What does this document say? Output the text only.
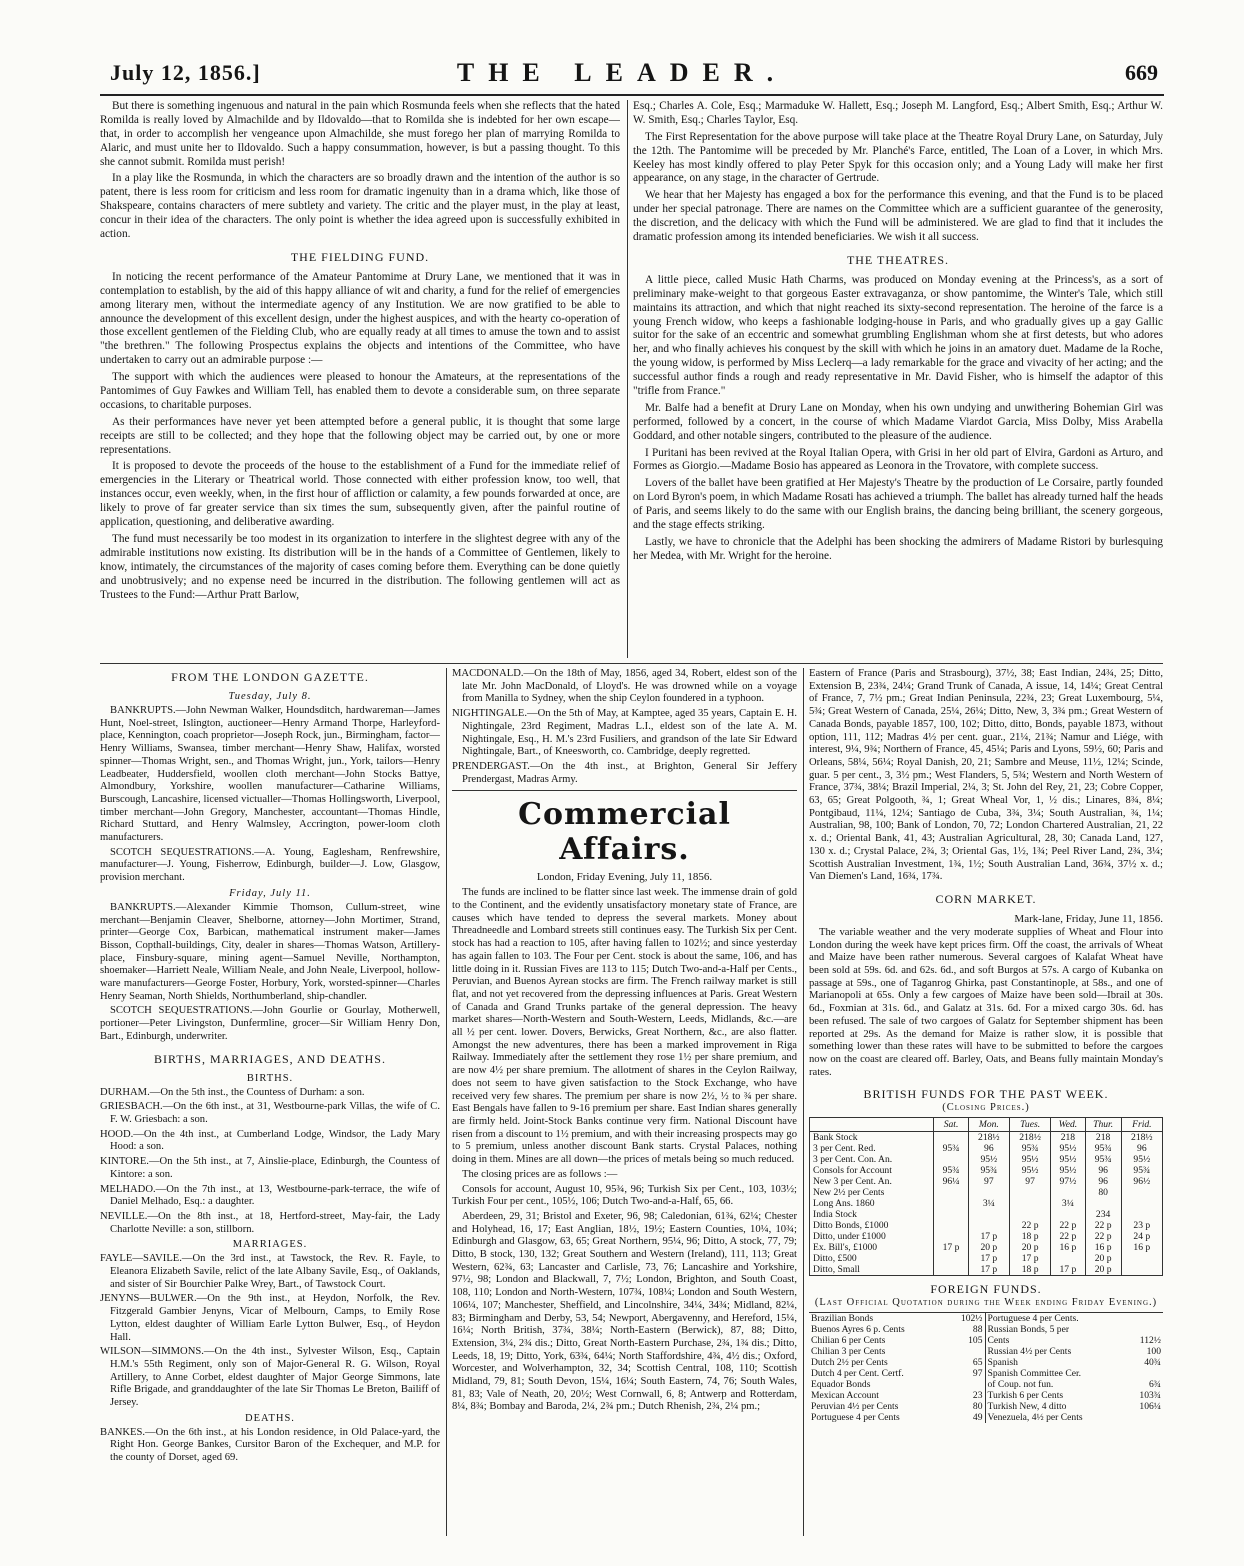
July 12, 1856.]	THE LEADER.	669

But there is something ingenuous and natural in the pain which Rosmunda feels when she reflects that the hated Romilda is really loved by Almachilde and by Ildovaldo—that to Romilda she is indebted for her own escape—that, in order to accomplish her vengeance upon Almachilde, she must forego her plan of marrying Romilda to Alaric, and must unite her to Ildovaldo. Such a happy consummation, however, is but a passing thought. To this she cannot submit. Romilda must perish!

In a play like the Rosmunda, in which the characters are so broadly drawn and the intention of the author is so patent, there is less room for criticism and less room for dramatic ingenuity than in a drama which, like those of Shakspeare, contains characters of mere subtlety and variety. The critic and the player must, in the play at least, concur in their idea of the characters. The only point is whether the idea agreed upon is successfully exhibited in action.

THE FIELDING FUND.

In noticing the recent performance of the Amateur Pantomime at Drury Lane, we mentioned that it was in contemplation to establish, by the aid of this happy alliance of wit and charity, a fund for the relief of emergencies among literary men, without the intermediate agency of any Institution. We are now gratified to be able to announce the development of this excellent design, under the highest auspices, and with the hearty co-operation of those excellent gentlemen of the Fielding Club, who are equally ready at all times to amuse the town and to assist "the brethren." The following Prospectus explains the objects and intentions of the Committee, who have undertaken to carry out an admirable purpose :—

The support with which the audiences were pleased to honour the Amateurs, at the representations of the Pantomimes of Guy Fawkes and William Tell, has enabled them to devote a considerable sum, on three separate occasions, to charitable purposes.

As their performances have never yet been attempted before a general public, it is thought that some large receipts are still to be collected; and they hope that the following object may be carried out, by one or more representations.

It is proposed to devote the proceeds of the house to the establishment of a Fund for the immediate relief of emergencies in the Literary or Theatrical world. Those connected with either profession know, too well, that instances occur, even weekly, when, in the first hour of affliction or calamity, a few pounds forwarded at once, are likely to prove of far greater service than six times the sum, subsequently given, after the painful routine of application, questioning, and deliberative awarding.

The fund must necessarily be too modest in its organization to interfere in the slightest degree with any of the admirable institutions now existing. Its distribution will be in the hands of a Committee of Gentlemen, likely to know, intimately, the circumstances of the majority of cases coming before them. Everything can be done quietly and unobtrusively; and no expense need be incurred in the distribution. The following gentlemen will act as Trustees to the Fund:—Arthur Pratt Barlow,

Esq.; Charles A. Cole, Esq.; Marmaduke W. Hallett, Esq.; Joseph M. Langford, Esq.; Albert Smith, Esq.; Arthur W. W. Smith, Esq.; Charles Taylor, Esq.

The First Representation for the above purpose will take place at the Theatre Royal Drury Lane, on Saturday, July the 12th. The Pantomime will be preceded by Mr. Planché's Farce, entitled, The Loan of a Lover, in which Mrs. Keeley has most kindly offered to play Peter Spyk for this occasion only; and a Young Lady will make her first appearance, on any stage, in the character of Gertrude.

We hear that her Majesty has engaged a box for the performance this evening, and that the Fund is to be placed under her special patronage. There are names on the Committee which are a sufficient guarantee of the generosity, the discretion, and the delicacy with which the Fund will be administered. We are glad to find that it includes the dramatic profession among its intended beneficiaries. We wish it all success.

THE THEATRES.

A little piece, called Music Hath Charms, was produced on Monday evening at the Princess's, as a sort of preliminary make-weight to that gorgeous Easter extravaganza, or show pantomime, the Winter's Tale, which still maintains its attraction, and which that night reached its sixty-second representation. The heroine of the farce is a young French widow, who keeps a fashionable lodging-house in Paris, and who gradually gives up a gay Gallic suitor for the sake of an eccentric and somewhat grumbling Englishman whom she at first detests, but who adores her, and who finally achieves his conquest by the skill with which he joins in an amatory duet. Madame de la Roche, the young widow, is performed by Miss Leclerq—a lady remarkable for the grace and vivacity of her acting; and the successful author finds a rough and ready representative in Mr. David Fisher, who is himself the adaptor of this "trifle from France."

Mr. Balfe had a benefit at Drury Lane on Monday, when his own undying and unwithering Bohemian Girl was performed, followed by a concert, in the course of which Madame Viardot Garcia, Miss Dolby, Miss Arabella Goddard, and other notable singers, contributed to the pleasure of the audience.

I Puritani has been revived at the Royal Italian Opera, with Grisi in her old part of Elvira, Gardoni as Arturo, and Formes as Giorgio.—Madame Bosio has appeared as Leonora in the Trovatore, with complete success.

Lovers of the ballet have been gratified at Her Majesty's Theatre by the production of Le Corsaire, partly founded on Lord Byron's poem, in which Madame Rosati has achieved a triumph. The ballet has already turned half the heads of Paris, and seems likely to do the same with our English brains, the dancing being brilliant, the scenery gorgeous, and the stage effects striking.

Lastly, we have to chronicle that the Adelphi has been shocking the admirers of Madame Ristori by burlesquing her Medea, with Mr. Wright for the heroine.

FROM THE LONDON GAZETTE.
Tuesday, July 8.

BANKRUPTS.—John Newman Walker, Houndsditch, hardwareman—James Hunt, Noel-street, Islington, auctioneer—Henry Armand Thorpe, Harleyford-place, Kennington, coach proprietor—Joseph Rock, jun., Birmingham, factor—Henry Williams, Swansea, timber merchant—Henry Shaw, Halifax, worsted spinner—Thomas Wright, sen., and Thomas Wright, jun., York, tailors—Henry Leadbeater, Huddersfield, woollen cloth merchant—John Stocks Battye, Almondbury, Yorkshire, woollen manufacturer—Catharine Williams, Burscough, Lancashire, licensed victualler—Thomas Hollingsworth, Liverpool, timber merchant—John Gregory, Manchester, accountant—Thomas Hindle, Richard Stuttard, and Henry Walmsley, Accrington, power-loom cloth manufacturers.

SCOTCH SEQUESTRATIONS.—A. Young, Eaglesham, Renfrewshire, manufacturer—J. Young, Fisherrow, Edinburgh, builder—J. Low, Glasgow, provision merchant.

Friday, July 11.

BANKRUPTS.—Alexander Kimmie Thomson, Cullum-street, wine merchant—Benjamin Cleaver, Shelborne, attorney—John Mortimer, Strand, printer—George Cox, Barbican, mathematical instrument maker—James Bisson, Copthall-buildings, City, dealer in shares—Thomas Watson, Artillery-place, Finsbury-square, mining agent—Samuel Neville, Northampton, shoemaker—Harriett Neale, William Neale, and John Neale, Liverpool, hollow-ware manufacturers—George Foster, Horbury, York, worsted-spinner—Charles Henry Seaman, North Shields, Northumberland, ship-chandler.

SCOTCH SEQUESTRATIONS.—John Gourlie or Gourlay, Motherwell, portioner—Peter Livingston, Dunfermline, grocer—Sir William Henry Don, Bart., Edinburgh, underwriter.

BIRTHS, MARRIAGES, AND DEATHS.
BIRTHS.
DURHAM.—On the 5th inst., the Countess of Durham: a son.
GRIESBACH.—On the 6th inst., at 31, Westbourne-park Villas, the wife of C. F. W. Griesbach: a son.
HOOD.—On the 4th inst., at Cumberland Lodge, Windsor, the Lady Mary Hood: a son.
KINTORE.—On the 5th inst., at 7, Ainslie-place, Edinburgh, the Countess of Kintore: a son.
MELHADO.—On the 7th inst., at 13, Westbourne-park-terrace, the wife of Daniel Melhado, Esq.: a daughter.
NEVILLE.—On the 8th inst., at 18, Hertford-street, May-fair, the Lady Charlotte Neville: a son, stillborn.
MARRIAGES.
FAYLE—SAVILE.—On the 3rd inst., at Tawstock, the Rev. R. Fayle, to Eleanora Elizabeth Savile, relict of the late Albany Savile, Esq., of Oaklands, and sister of Sir Bourchier Palke Wrey, Bart., of Tawstock Court.
JENYNS—BULWER.—On the 9th inst., at Heydon, Norfolk, the Rev. Fitzgerald Gambier Jenyns, Vicar of Melbourn, Camps, to Emily Rose Lytton, eldest daughter of William Earle Lytton Bulwer, Esq., of Heydon Hall.
WILSON—SIMMONS.—On the 4th inst., Sylvester Wilson, Esq., Captain H.M.'s 55th Regiment, only son of Major-General R. G. Wilson, Royal Artillery, to Anne Corbet, eldest daughter of Major George Simmons, late Rifle Brigade, and granddaughter of the late Sir Thomas Le Breton, Bailiff of Jersey.
DEATHS.
BANKES.—On the 6th inst., at his London residence, in Old Palace-yard, the Right Hon. George Bankes, Cursitor Baron of the Exchequer, and M.P. for the county of Dorset, aged 69.
MACDONALD.—On the 18th of May, 1856, aged 34, Robert, eldest son of the late Mr. John MacDonald, of Lloyd's. He was drowned while on a voyage from Manilla to Sydney, when the ship Ceylon foundered in a typhoon.
NIGHTINGALE.—On the 5th of May, at Kamptee, aged 35 years, Captain E. H. Nightingale, 23rd Regiment, Madras L.I., eldest son of the late A. M. Nightingale, Esq., H. M.'s 23rd Fusiliers, and grandson of the late Sir Edward Nightingale, Bart., of Kneesworth, co. Cambridge, deeply regretted.
PRENDERGAST.—On the 4th inst., at Brighton, General Sir Jeffery Prendergast, Madras Army.
Commercial Affairs.
London, Friday Evening, July 11, 1856.

The funds are inclined to be flatter since last week. The immense drain of gold to the Continent, and the evidently unsatisfactory monetary state of France, are causes which have tended to depress the several markets. Money about Threadneedle and Lombard streets still continues easy. The Turkish Six per Cent. stock has had a reaction to 105, after having fallen to 102½; and since yesterday has again fallen to 103. The Four per Cent. stock is about the same, 106, and has little doing in it. Russian Fives are 113 to 115; Dutch Two-and-a-Half per Cents., Peruvian, and Buenos Ayrean stocks are firm. The French railway market is still flat, and not yet recovered from the depressing influences at Paris. Great Western of Canada and Grand Trunks partake of the general depression. The heavy market shares—North-Western and South-Western, Leeds, Midlands, &c.—are all ½ per cent. lower. Dovers, Berwicks, Great Northern, &c., are also flatter. Amongst the new adventures, there has been a marked improvement in Riga Railway. Immediately after the settlement they rose 1½ per share premium, and are now 4½ per share premium. The allotment of shares in the Ceylon Railway, does not seem to have given satisfaction to the Stock Exchange, who have received very few shares. The premium per share is now 2½, ½ to ¾ per share. East Bengals have fallen to 9-16 premium per share. East Indian shares generally are firmly held. Joint-Stock Banks continue very firm. National Discount have risen from a discount to 1½ premium, and with their increasing prospects may go to 5 premium, unless another discount Bank starts. Crystal Palaces, nothing doing in them. Mines are all down—the prices of metals being so much reduced.

The closing prices are as follows :—

Consols for account, August 10, 95¾, 96; Turkish Six per Cent., 103, 103½; Turkish Four per cent., 105½, 106; Dutch Two-and-a-Half, 65, 66.

Aberdeen, 29, 31; Bristol and Exeter, 96, 98; Caledonian, 61¾, 62¼; Chester and Holyhead, 16, 17; East Anglian, 18½, 19½; Eastern Counties, 10¼, 10¾; Edinburgh and Glasgow, 63, 65; Great Northern, 95¼, 96; Ditto, A stock, 77, 79; Ditto, B stock, 130, 132; Great Southern and Western (Ireland), 111, 113; Great Western, 62¾, 63; Lancaster and Carlisle, 73, 76; Lancashire and Yorkshire, 97½, 98; London and Blackwall, 7, 7½; London, Brighton, and South Coast, 108, 110; London and North-Western, 107¾, 108¼; London and South Western, 106¼, 107; Manchester, Sheffield, and Lincolnshire, 34¼, 34¾; Midland, 82¼, 83; Birmingham and Derby, 53, 54; Newport, Abergavenny, and Hereford, 15¼, 16¼; North British, 37¾, 38¼; North-Eastern (Berwick), 87, 88; Ditto, Extension, 3¼, 2¾ dis.; Ditto, Great North-Eastern Purchase, 2¾, 1¾ dis.; Ditto, Leeds, 18, 19; Ditto, York, 63¾, 64¼; North Staffordshire, 4¾, 4½ dis.; Oxford, Worcester, and Wolverhampton, 32, 34; Scottish Central, 108, 110; Scottish Midland, 79, 81; South Devon, 15¼, 16¼; South Eastern, 74, 76; South Wales, 81, 83; Vale of Neath, 20, 20½; West Cornwall, 6, 8; Antwerp and Rotterdam, 8¼, 8¾; Bombay and Baroda, 2¼, 2¾ pm.; Dutch Rhenish, 2¾, 2¼ pm.;

Eastern of France (Paris and Strasbourg), 37½, 38; East Indian, 24¾, 25; Ditto, Extension B, 23¾, 24¼; Grand Trunk of Canada, A issue, 14, 14¼; Great Central of France, 7, 7½ pm.; Great Indian Peninsula, 22¾, 23; Great Luxembourg, 5¼, 5¾; Great Western of Canada, 25¼, 26¼; Ditto, New, 3, 3¾ pm.; Great Western of Canada Bonds, payable 1857, 100, 102; Ditto, ditto, Bonds, payable 1873, without option, 111, 112; Madras 4½ per cent. guar., 21¼, 21¾; Namur and Liége, with interest, 9¼, 9¾; Northern of France, 45, 45¼; Paris and Lyons, 59½, 60; Paris and Orleans, 58¼, 56¼; Royal Danish, 20, 21; Sambre and Meuse, 11½, 12¼; Scinde, guar. 5 per cent., 3, 3½ pm.; West Flanders, 5, 5¾; Western and North Western of France, 37¾, 38¼; Brazil Imperial, 2¼, 3; St. John del Rey, 21, 23; Cobre Copper, 63, 65; Great Polgooth, ¾, 1; Great Wheal Vor, 1, ½ dis.; Linares, 8¾, 8¼; Pontgibaud, 11¼, 12¼; Santiago de Cuba, 3¾, 3¼; South Australian, ¾, 1¼; Australian, 98, 100; Bank of London, 70, 72; London Chartered Australian, 21, 22 x. d.; Oriental Bank, 41, 43; Australian Agricultural, 28, 30; Canada Land, 127, 130 x. d.; Crystal Palace, 2¾, 3; Oriental Gas, 1½, 1¾; Peel River Land, 2¾, 3¼; Scottish Australian Investment, 1¾, 1½; South Australian Land, 36¾, 37½ x. d.; Van Diemen's Land, 16¾, 17¾.

CORN MARKET.
Mark-lane, Friday, June 11, 1856.

The variable weather and the very moderate supplies of Wheat and Flour into London during the week have kept prices firm. Off the coast, the arrivals of Wheat and Maize have been rather numerous. Several cargoes of Kalafat Wheat have been sold at 59s. 6d. and 62s. 6d., and soft Burgos at 57s. A cargo of Kubanka on passage at 59s., one of Taganrog Ghirka, past Constantinople, at 58s., and one of Marianopoli at 65s. Only a few cargoes of Maize have been sold—Ibrail at 30s. 6d., Foxmian at 31s. 6d., and Galatz at 31s. 6d. For a mixed cargo 30s. 6d. has been refused. The sale of two cargoes of Galatz for September shipment has been reported at 29s. As the demand for Maize is rather slow, it is possible that something lower than these rates will have to be submitted to before the cargoes now on the coast are cleared off. Barley, Oats, and Beans fully maintain Monday's rates.

BRITISH FUNDS FOR THE PAST WEEK.
(Closing Prices.)
	Sat.	Mon.	Tues.	Wed.	Thur.	Frid.
Bank Stock		218½	218½	218	218	218½
3 per Cent. Red.	95¾	96	95¾	95½	95¾	96
3 per Cent. Con. An.		95½	95½	95½	95¾	95½
Consols for Account	95¾	95¾	95½	95½	96	95¾
New 3 per Cent. An.	96¼	97	97	97½	96	96½
New 2½ per Cents					80	
Long Ans. 1860		3¼		3¼		
India Stock					234	
Ditto Bonds, £1000			22 p	22 p	22 p	23 p
Ditto, under £1000		17 p	18 p	22 p	22 p	24 p
Ex. Bill's, £1000	17 p	20 p	20 p	16 p	16 p	16 p
Ditto, £500		17 p	17 p		20 p	
Ditto, Small		17 p	18 p	17 p	20 p	
FOREIGN FUNDS.
(Last Official Quotation during the Week ending Friday Evening.)
Brazilian Bonds	102½	Portuguese 4 per Cents.	
Buenos Ayres 6 p. Cents	88	Russian Bonds, 5 per	
Chilian 6 per Cents	105	Cents	112½
Chilian 3 per Cents		Russian 4½ per Cents	100
Dutch 2½ per Cents	65	Spanish	40¾
Dutch 4 per Cent. Certf.	97	Spanish Committee Cer.	
Equador Bonds		of Coup. not fun.	6¾
Mexican Account	23	Turkish 6 per Cents	103¾
Peruvian 4½ per Cents	80	Turkish New, 4 ditto	106¼
Portuguese 4 per Cents	49	Venezuela, 4½ per Cents	
